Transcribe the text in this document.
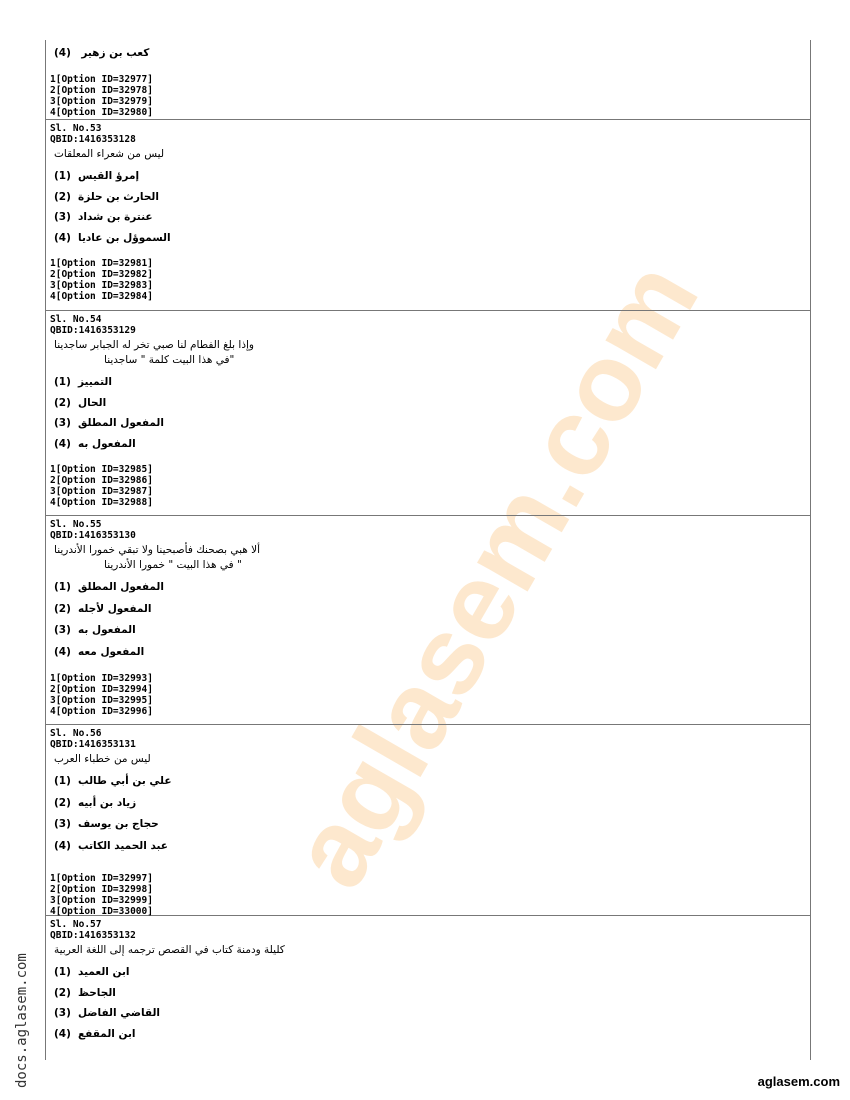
aglasem.com
(4) كعب بن زهير
1[Option ID=32977]
2[Option ID=32978]
3[Option ID=32979]
4[Option ID=32980]
Sl. No.53
QBID:1416353128
ليس من شعراء المعلقات
(1) إمرؤ القيس
(2) الحارث بن حلزة
(3) عنترة بن شداد
(4) السموؤل بن عاديا
1[Option ID=32981]
2[Option ID=32982]
3[Option ID=32983]
4[Option ID=32984]
Sl. No.54
QBID:1416353129
وإذا بلغ الفطام لنا صبي تخر له الجبابر ساجدينا
في هذا البيت كلمة " ساجدينا"
(1) التمييز
(2) الحال
(3) المفعول المطلق
(4) المفعول به
1[Option ID=32985]
2[Option ID=32986]
3[Option ID=32987]
4[Option ID=32988]
Sl. No.55
QBID:1416353130
ألا هبي بصحنك فأصبحينا ولا تبقي خمورا الأندرينا
في هذا البيت " خمورا الأندرينا "
(1) المفعول المطلق
(2) المفعول لأجله
(3) المفعول به
(4) المفعول معه
1[Option ID=32993]
2[Option ID=32994]
3[Option ID=32995]
4[Option ID=32996]
Sl. No.56
QBID:1416353131
ليس من خطباء العرب
(1) علي بن أبي طالب
(2) زياد بن أبيه
(3) حجاج بن يوسف
(4) عبد الحميد الكاتب
1[Option ID=32997]
2[Option ID=32998]
3[Option ID=32999]
4[Option ID=33000]
Sl. No.57
QBID:1416353132
كليلة ودمنة كتاب في القصص ترجمه إلى اللغة العربية
(1) ابن العميد
(2) الجاحظ
(3) القاضي الفاضل
(4) ابن المقفع
docs.aglasem.com	aglasem.com
